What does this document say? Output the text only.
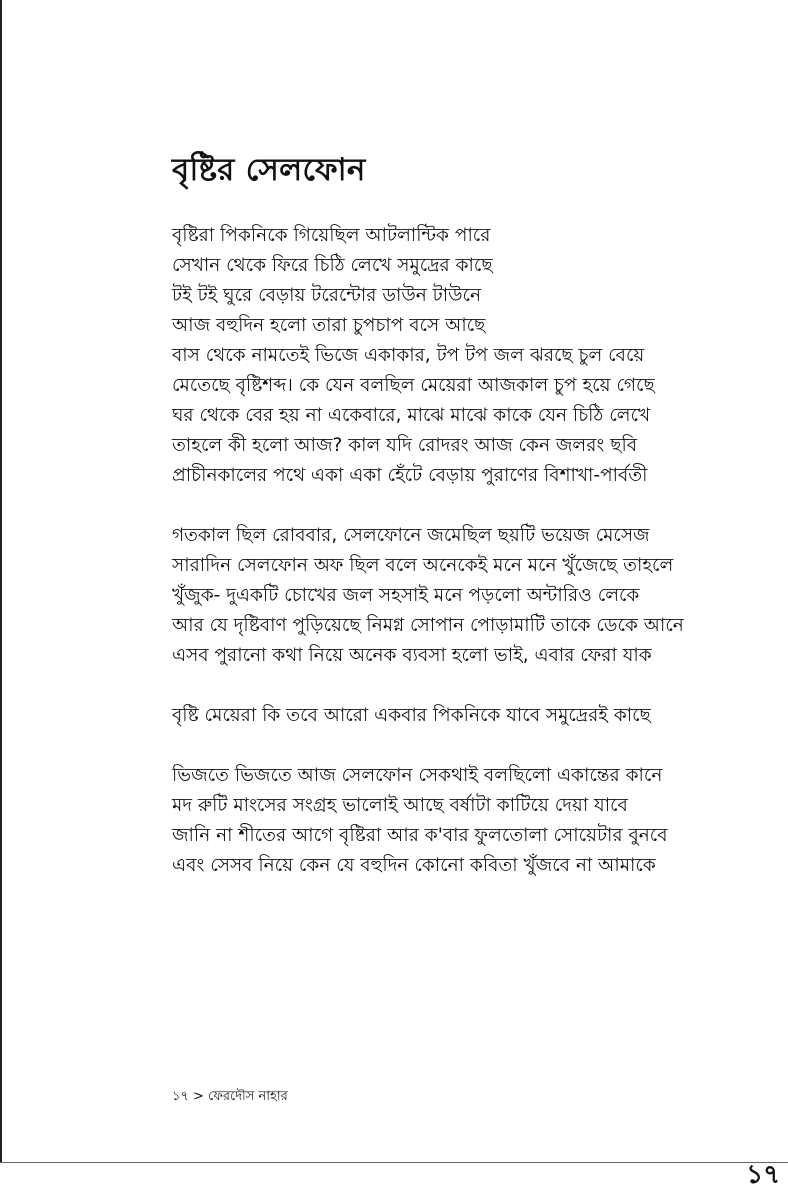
বৃষ্টির সেলফোন
বৃষ্টিরা পিকনিকে গিয়েছিল আটলান্টিক পারে
সেখান থেকে ফিরে চিঠি লেখে সমুদ্রের কাছে
টই টই ঘুরে বেড়ায় টরেন্টোর ডাউন টাউনে
আজ বহুদিন হলো তারা চুপচাপ বসে আছে
বাস থেকে নামতেই ভিজে একাকার, টপ টপ জল ঝরছে চুল বেয়ে
মেতেছে বৃষ্টিশব্দ। কে যেন বলছিল মেয়েরা আজকাল চুপ হয়ে গেছে
ঘর থেকে বের হয় না একেবারে, মাঝে মাঝে কাকে যেন চিঠি লেখে
তাহলে কী হলো আজ? কাল যদি রোদরং আজ কেন জলরং ছবি
প্রাচীনকালের পথে একা একা হেঁটে বেড়ায় পুরাণের বিশাখা-পার্বতী
গতকাল ছিল রোববার, সেলফোনে জমেছিল ছয়টি ভয়েজ মেসেজ
সারাদিন সেলফোন অফ ছিল বলে অনেকেই মনে মনে খুঁজেছে তাহলে
খুঁজুক- দুএকটি চোখের জল সহসাই মনে পড়লো অন্টারিও লেকে
আর যে দৃষ্টিবাণ পুড়িয়েছে নিমগ্ন সোপান পোড়ামাটি তাকে ডেকে আনে
এসব পুরানো কথা নিয়ে অনেক ব্যবসা হলো ভাই, এবার ফেরা যাক
বৃষ্টি মেয়েরা কি তবে আরো একবার পিকনিকে যাবে সমুদ্রেরই কাছে
ভিজতে ভিজতে আজ সেলফোন সেকথাই বলছিলো একান্তের কানে
মদ রুটি মাংসের সংগ্রহ ভালোই আছে বর্ষাটা কাটিয়ে দেয়া যাবে
জানি না শীতের আগে বৃষ্টিরা আর ক'বার ফুলতোলা সোয়েটার বুনবে
এবং সেসব নিয়ে কেন যে বহুদিন কোনো কবিতা খুঁজবে না আমাকে
১৭ > ফেরদৌস নাহার
১৭
